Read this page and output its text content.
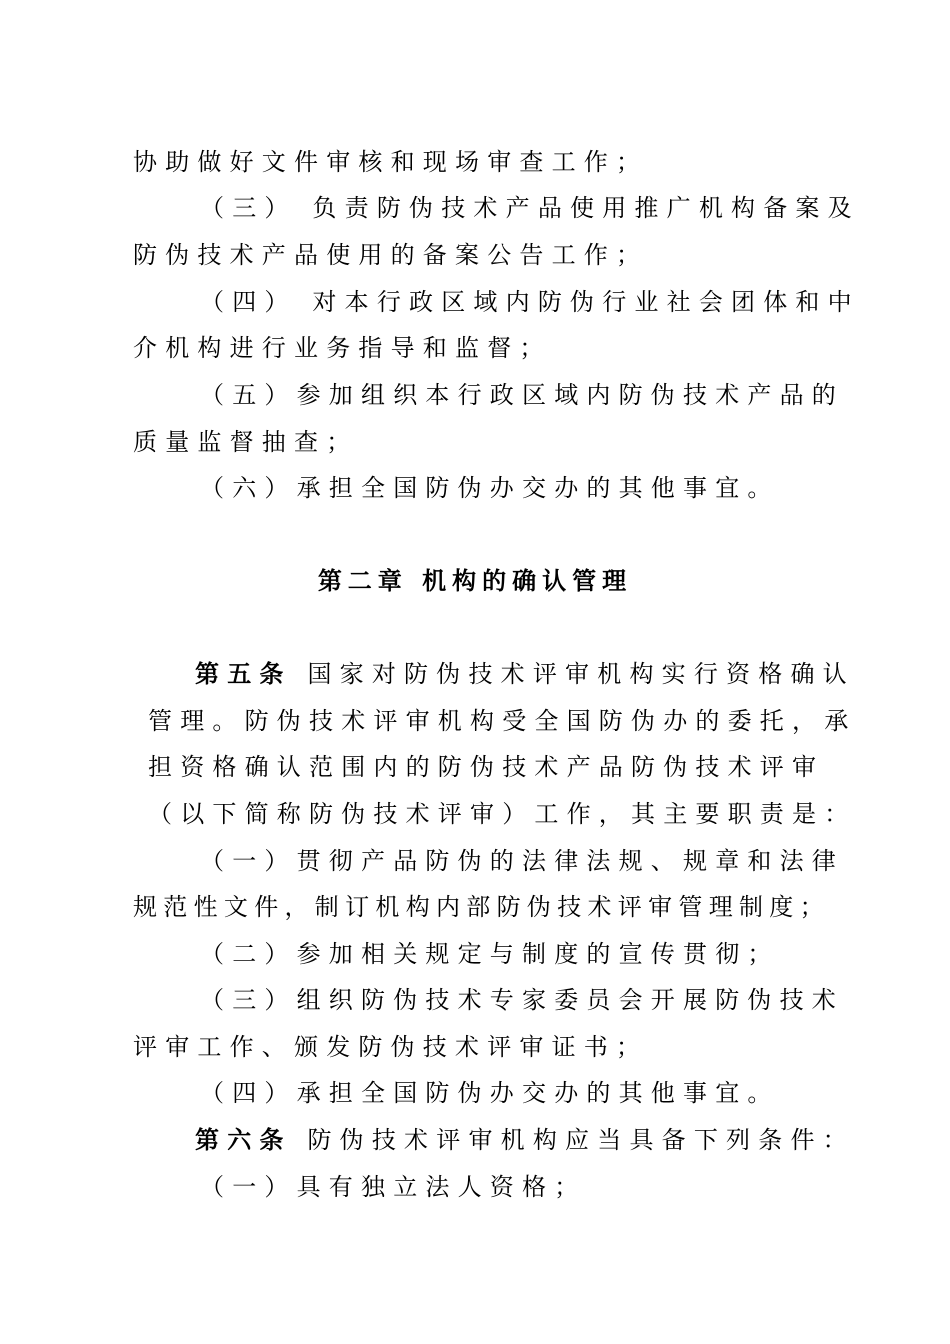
协助做好文件审核和现场审查工作；
（三） 负责防伪技术产品使用推广机构备案及
防伪技术产品使用的备案公告工作；
（四） 对本行政区域内防伪行业社会团体和中
介机构进行业务指导和监督；
（五）参加组织本行政区域内防伪技术产品的
质量监督抽查；
（六）承担全国防伪办交办的其他事宜。
第二章 机构的确认管理
第五条 国家对防伪技术评审机构实行资格确认
管理。防伪技术评审机构受全国防伪办的委托，承
担资格确认范围内的防伪技术产品防伪技术评审
（以下简称防伪技术评审）工作，其主要职责是：
（一）贯彻产品防伪的法律法规、规章和法律
规范性文件，制订机构内部防伪技术评审管理制度；
（二）参加相关规定与制度的宣传贯彻；
（三）组织防伪技术专家委员会开展防伪技术
评审工作、颁发防伪技术评审证书；
（四）承担全国防伪办交办的其他事宜。
第六条 防伪技术评审机构应当具备下列条件：
（一）具有独立法人资格；
